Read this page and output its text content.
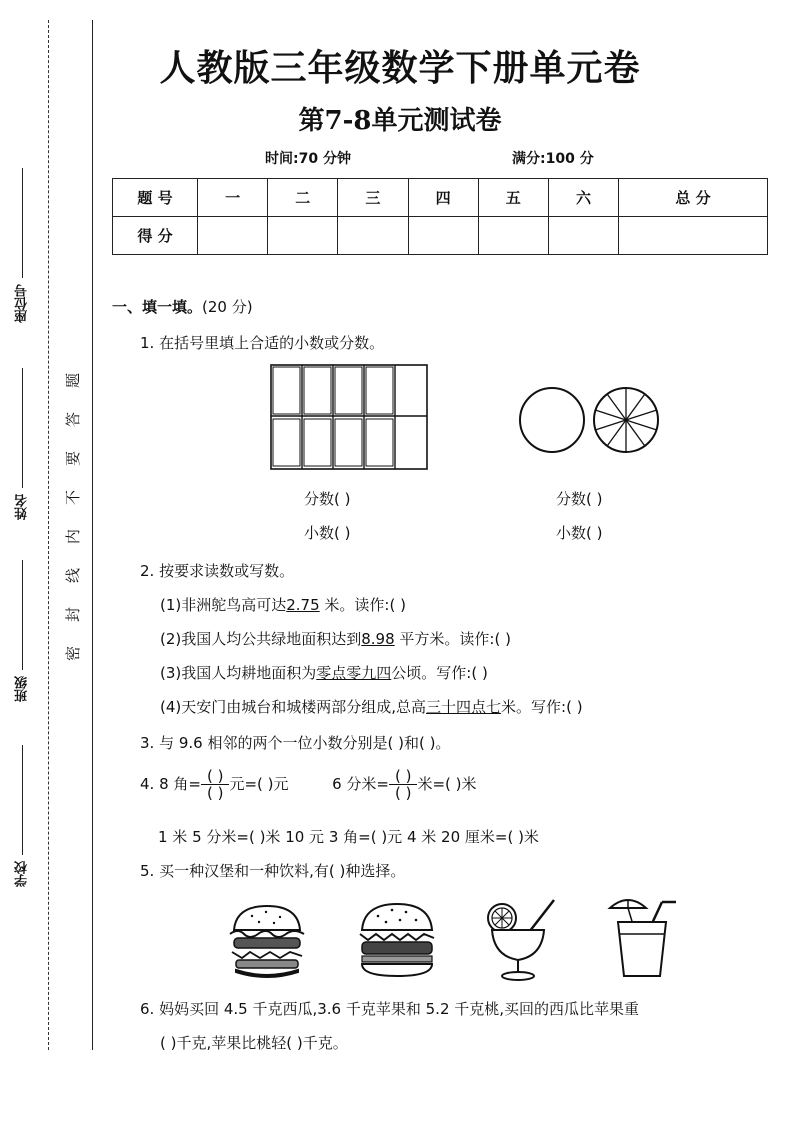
座位号
姓名
班级
学校
题
答
要
不
内
线
封
密
人教版三年级数学下册单元卷
第7-8单元测试卷
时间:70 分钟	满分:100 分
题 号	一	二	三	四	五	六	总 分
得 分							
一、填一填。(20 分)
1. 在括号里填上合适的小数或分数。
分数( )
小数( )
分数( )
小数( )
2. 按要求读数或写数。
(1)非洲鸵鸟高可达2.75 米。读作:( )
(2)我国人均公共绿地面积达到8.98 平方米。读作:( )
(3)我国人均耕地面积为零点零九四公顷。写作:( )
(4)天安门由城台和城楼两部分组成,总高三十四点七米。写作:( )
3. 与 9.6 相邻的两个一位小数分别是( )和( )。
4. 8 角= $\frac{( )}{( )}$ 元=( )元	6 分米= $\frac{( )}{( )}$ 米=( )米
1 米 5 分米=( )米 10 元 3 角=( )元 4 米 20 厘米=( )米
5. 买一种汉堡和一种饮料,有( )种选择。
6. 妈妈买回 4.5 千克西瓜,3.6 千克苹果和 5.2 千克桃,买回的西瓜比苹果重
( )千克,苹果比桃轻( )千克。
